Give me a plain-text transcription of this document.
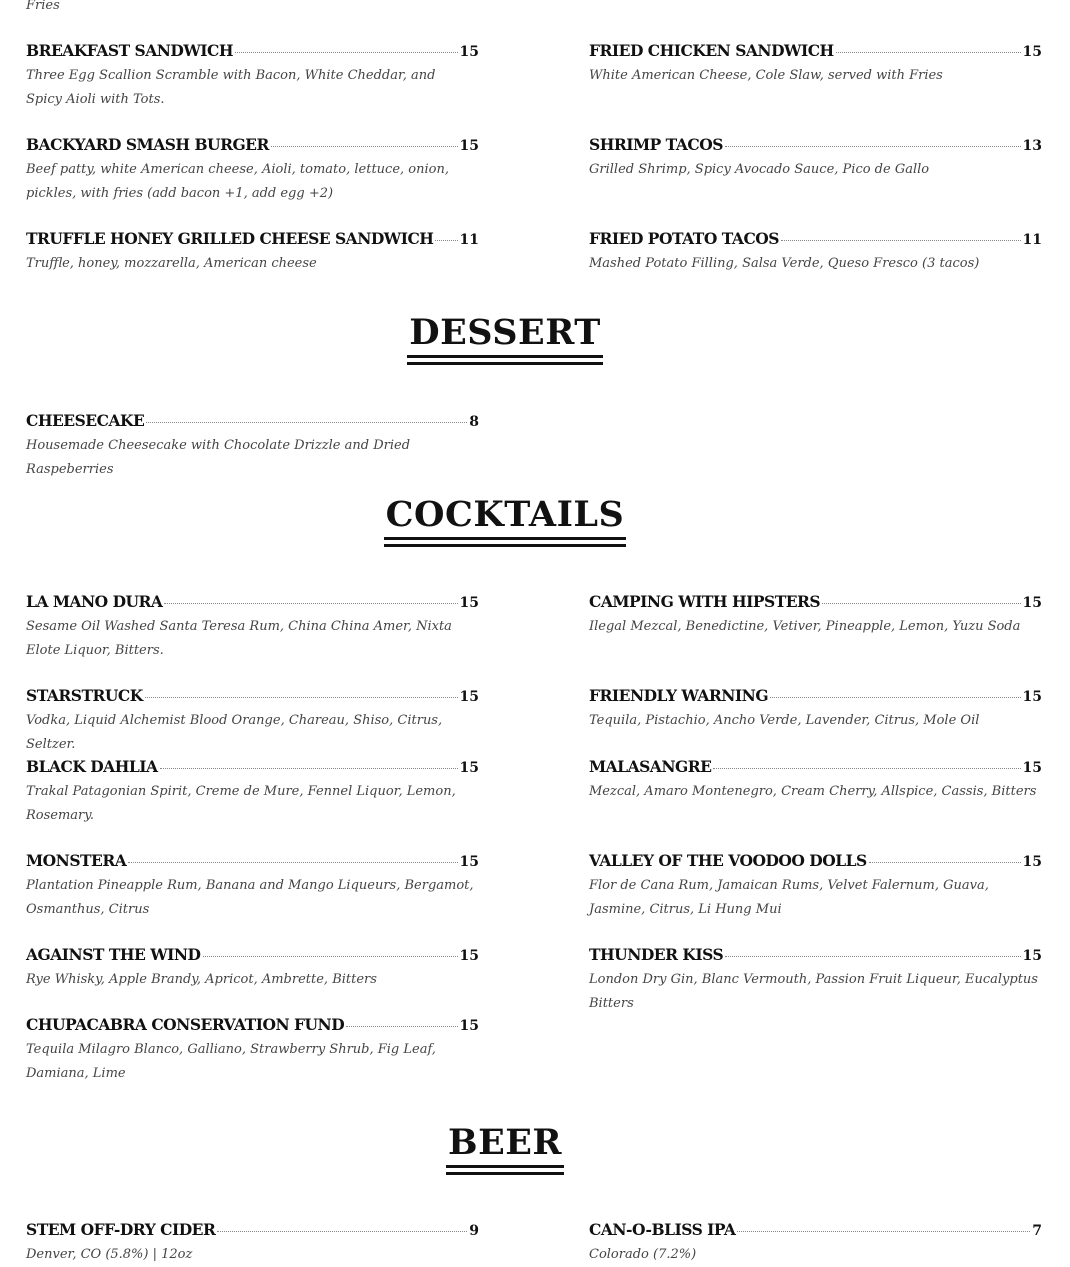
Fries
BREAKFAST SANDWICH	15
Three Egg Scallion Scramble with Bacon, White Cheddar, and Spicy Aioli with Tots.
FRIED CHICKEN SANDWICH	15
White American Cheese, Cole Slaw, served with Fries
BACKYARD SMASH BURGER	15
Beef patty, white American cheese, Aioli, tomato, lettuce, onion, pickles, with fries (add bacon +1, add egg +2)
SHRIMP TACOS	13
Grilled Shrimp, Spicy Avocado Sauce, Pico de Gallo
TRUFFLE HONEY GRILLED CHEESE SANDWICH 11
Truffle, honey, mozzarella, American cheese
FRIED POTATO TACOS	11
Mashed Potato Filling, Salsa Verde, Queso Fresco (3 tacos)
DESSERT
CHEESECAKE	8
Housemade Cheesecake with Chocolate Drizzle and Dried Raspeberries
COCKTAILS
LA MANO DURA	15
Sesame Oil Washed Santa Teresa Rum, China China Amer, Nixta Elote Liquor, Bitters.
CAMPING WITH HIPSTERS	15
Ilegal Mezcal, Benedictine, Vetiver, Pineapple, Lemon, Yuzu Soda
STARSTRUCK	15
Vodka, Liquid Alchemist Blood Orange, Chareau, Shiso, Citrus, Seltzer.
FRIENDLY WARNING	15
Tequila, Pistachio, Ancho Verde, Lavender, Citrus, Mole Oil
BLACK DAHLIA	15
Trakal Patagonian Spirit, Creme de Mure, Fennel Liquor, Lemon, Rosemary.
MALASANGRE	15
Mezcal, Amaro Montenegro, Cream Cherry, Allspice, Cassis, Bitters
MONSTERA	15
Plantation Pineapple Rum, Banana and Mango Liqueurs, Bergamot, Osmanthus, Citrus
VALLEY OF THE VOODOO DOLLS	15
Flor de Cana Rum, Jamaican Rums, Velvet Falernum, Guava, Jasmine, Citrus, Li Hung Mui
AGAINST THE WIND	15
Rye Whisky, Apple Brandy, Apricot, Ambrette, Bitters
THUNDER KISS	15
London Dry Gin, Blanc Vermouth, Passion Fruit Liqueur, Eucalyptus Bitters
CHUPACABRA CONSERVATION FUND	15
Tequila Milagro Blanco, Galliano, Strawberry Shrub, Fig Leaf, Damiana, Lime
BEER
STEM OFF-DRY CIDER	9
Denver, CO (5.8%) | 12oz
CAN-O-BLISS IPA	7
Colorado (7.2%)
